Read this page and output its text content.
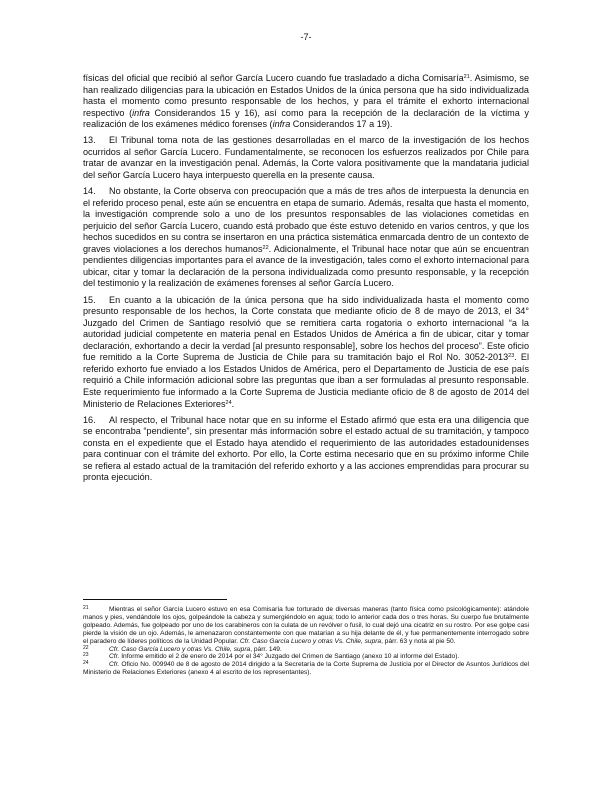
-7-

físicas del oficial que recibió al señor García Lucero cuando fue trasladado a dicha Comisaría$^{21}$. Asimismo, se han realizado diligencias para la ubicación en Estados Unidos de la única persona que ha sido individualizada hasta el momento como presunto responsable de los hechos, y para el trámite el exhorto internacional respectivo (infra Considerandos 15 y 16), así como para la recepción de la declaración de la víctima y realización de los exámenes médico forenses (infra Considerandos 17 a 19).

13. El Tribunal toma nota de las gestiones desarrolladas en el marco de la investigación de los hechos ocurridos al señor García Lucero. Fundamentalmente, se reconocen los esfuerzos realizados por Chile para tratar de avanzar en la investigación penal. Además, la Corte valora positivamente que la mandataria judicial del señor García Lucero haya interpuesto querella en la presente causa.

14. No obstante, la Corte observa con preocupación que a más de tres años de interpuesta la denuncia en el referido proceso penal, este aún se encuentra en etapa de sumario. Además, resalta que hasta el momento, la investigación comprende solo a uno de los presuntos responsables de las violaciones cometidas en perjuicio del señor García Lucero, cuando está probado que éste estuvo detenido en varios centros, y que los hechos sucedidos en su contra se insertaron en una práctica sistemática enmarcada dentro de un contexto de graves violaciones a los derechos humanos$^{22}$. Adicionalmente, el Tribunal hace notar que aún se encuentran pendientes diligencias importantes para el avance de la investigación, tales como el exhorto internacional para ubicar, citar y tomar la declaración de la persona individualizada como presunto responsable, y la recepción del testimonio y la realización de exámenes forenses al señor García Lucero.

15. En cuanto a la ubicación de la única persona que ha sido individualizada hasta el momento como presunto responsable de los hechos, la Corte constata que mediante oficio de 8 de mayo de 2013, el 34° Juzgado del Crimen de Santiago resolvió que se remitiera carta rogatoria o exhorto internacional “a la autoridad judicial competente en materia penal en Estados Unidos de América a fin de ubicar, citar y tomar declaración, exhortando a decir la verdad [al presunto responsable], sobre los hechos del proceso”. Este oficio fue remitido a la Corte Suprema de Justicia de Chile para su tramitación bajo el Rol No. 3052-2013$^{23}$. El referido exhorto fue enviado a los Estados Unidos de América, pero el Departamento de Justicia de ese país requirió a Chile información adicional sobre las preguntas que iban a ser formuladas al presunto responsable. Este requerimiento fue informado a la Corte Suprema de Justicia mediante oficio de 8 de agosto de 2014 del Ministerio de Relaciones Exteriores$^{24}$.

16. Al respecto, el Tribunal hace notar que en su informe el Estado afirmó que esta era una diligencia que se encontraba “pendiente”, sin presentar más información sobre el estado actual de su tramitación, y tampoco consta en el expediente que el Estado haya atendido el requerimiento de las autoridades estadounidenses para continuar con el trámite del exhorto. Por ello, la Corte estima necesario que en su próximo informe Chile se refiera al estado actual de la tramitación del referido exhorto y a las acciones emprendidas para procurar su pronta ejecución.

$^{21}$	Mientras el señor García Lucero estuvo en esa Comisaría fue torturado de diversas maneras (tanto física como psicológicamente): atándole manos y pies, vendándole los ojos, golpeándole la cabeza y sumergiéndolo en agua; todo lo anterior cada dos o tres horas. Su cuerpo fue brutalmente golpeado. Además, fue golpeado por uno de los carabineros con la culata de un revólver o fusil, lo cual dejó una cicatriz en su rostro. Por ese golpe casi pierde la visión de un ojo. Además, le amenazaron constantemente con que matarían a su hija delante de él, y fue permanentemente interrogado sobre el paradero de líderes políticos de la Unidad Popular. Cfr. Caso García Lucero y otras Vs. Chile, supra, párr. 63 y nota al pie 50.

$^{22}$	Cfr. Caso García Lucero y otras Vs. Chile, supra, párr. 149.

$^{23}$	Cfr. Informe emitido el 2 de enero de 2014 por el 34° Juzgado del Crimen de Santiago (anexo 10 al informe del Estado).

$^{24}$	Cfr. Oficio No. 009940 de 8 de agosto de 2014 dirigido a la Secretaría de la Corte Suprema de Justicia por el Director de Asuntos Jurídicos del Ministerio de Relaciones Exteriores (anexo 4 al escrito de los representantes).
